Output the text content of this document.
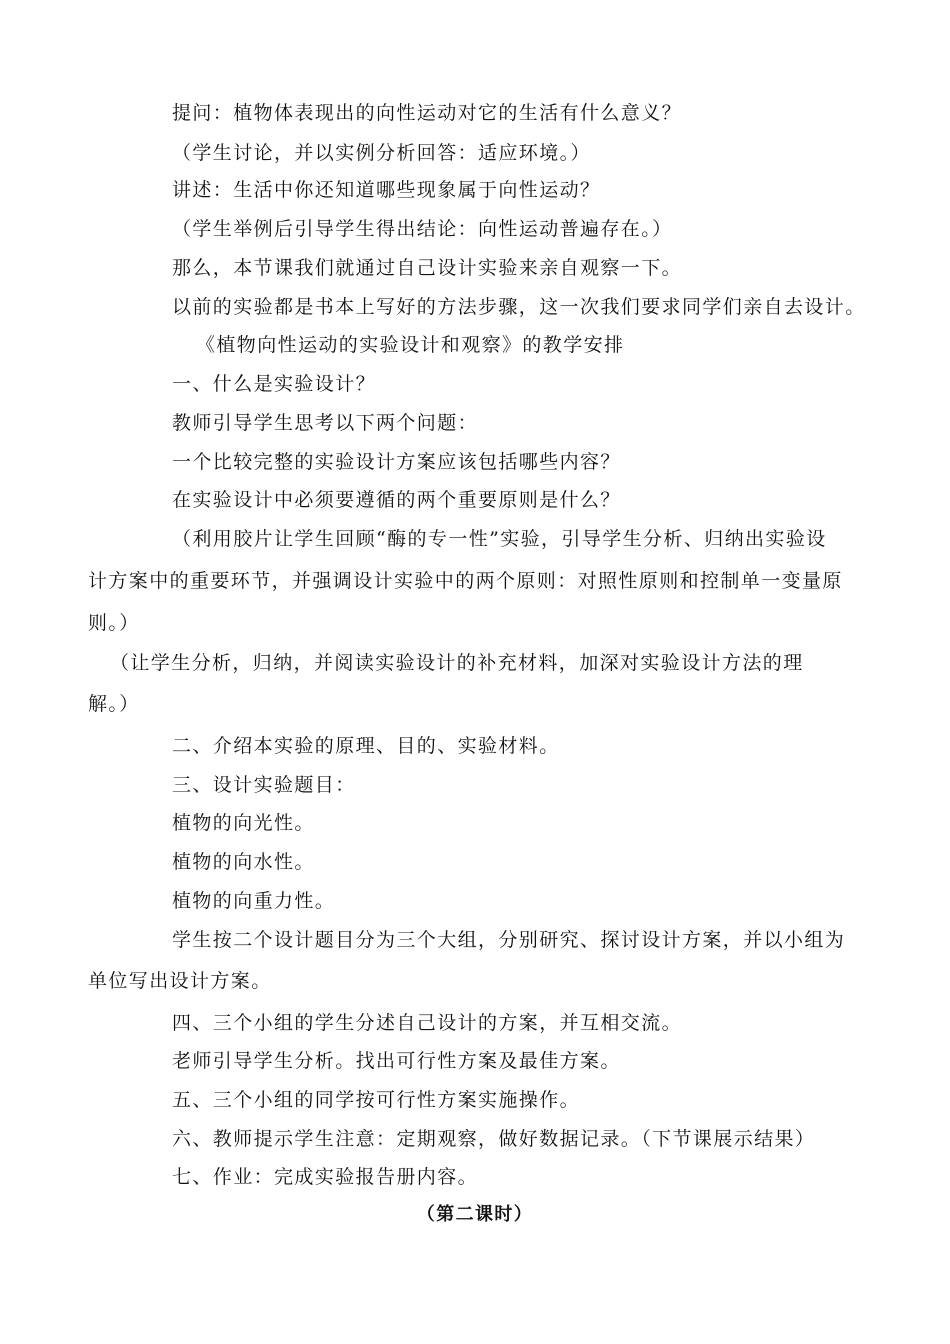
提问：植物体表现出的向性运动对它的生活有什么意义？

（学生讨论，并以实例分析回答：适应环境。）

讲述：生活中你还知道哪些现象属于向性运动？

（学生举例后引导学生得出结论：向性运动普遍存在。）

那么，本节课我们就通过自己设计实验来亲自观察一下。

以前的实验都是书本上写好的方法步骤，这一次我们要求同学们亲自去设计。

《植物向性运动的实验设计和观察》的教学安排

一、什么是实验设计？

教师引导学生思考以下两个问题：

一个比较完整的实验设计方案应该包括哪些内容？

在实验设计中必须要遵循的两个重要原则是什么？

（利用胶片让学生回顾“酶的专一性”实验，引导学生分析、归纳出实验设

计方案中的重要环节，并强调设计实验中的两个原则：对照性原则和控制单一变量原

则。）

（让学生分析，归纳，并阅读实验设计的补充材料，加深对实验设计方法的理

解。）

二、介绍本实验的原理、目的、实验材料。

三、设计实验题目：

植物的向光性。

植物的向水性。

植物的向重力性。

学生按二个设计题目分为三个大组，分别研究、探讨设计方案，并以小组为

单位写出设计方案。

四、三个小组的学生分述自己设计的方案，并互相交流。

老师引导学生分析。找出可行性方案及最佳方案。

五、三个小组的同学按可行性方案实施操作。

六、教师提示学生注意：定期观察，做好数据记录。（下节课展示结果）

七、作业：完成实验报告册内容。

（第二课时）
